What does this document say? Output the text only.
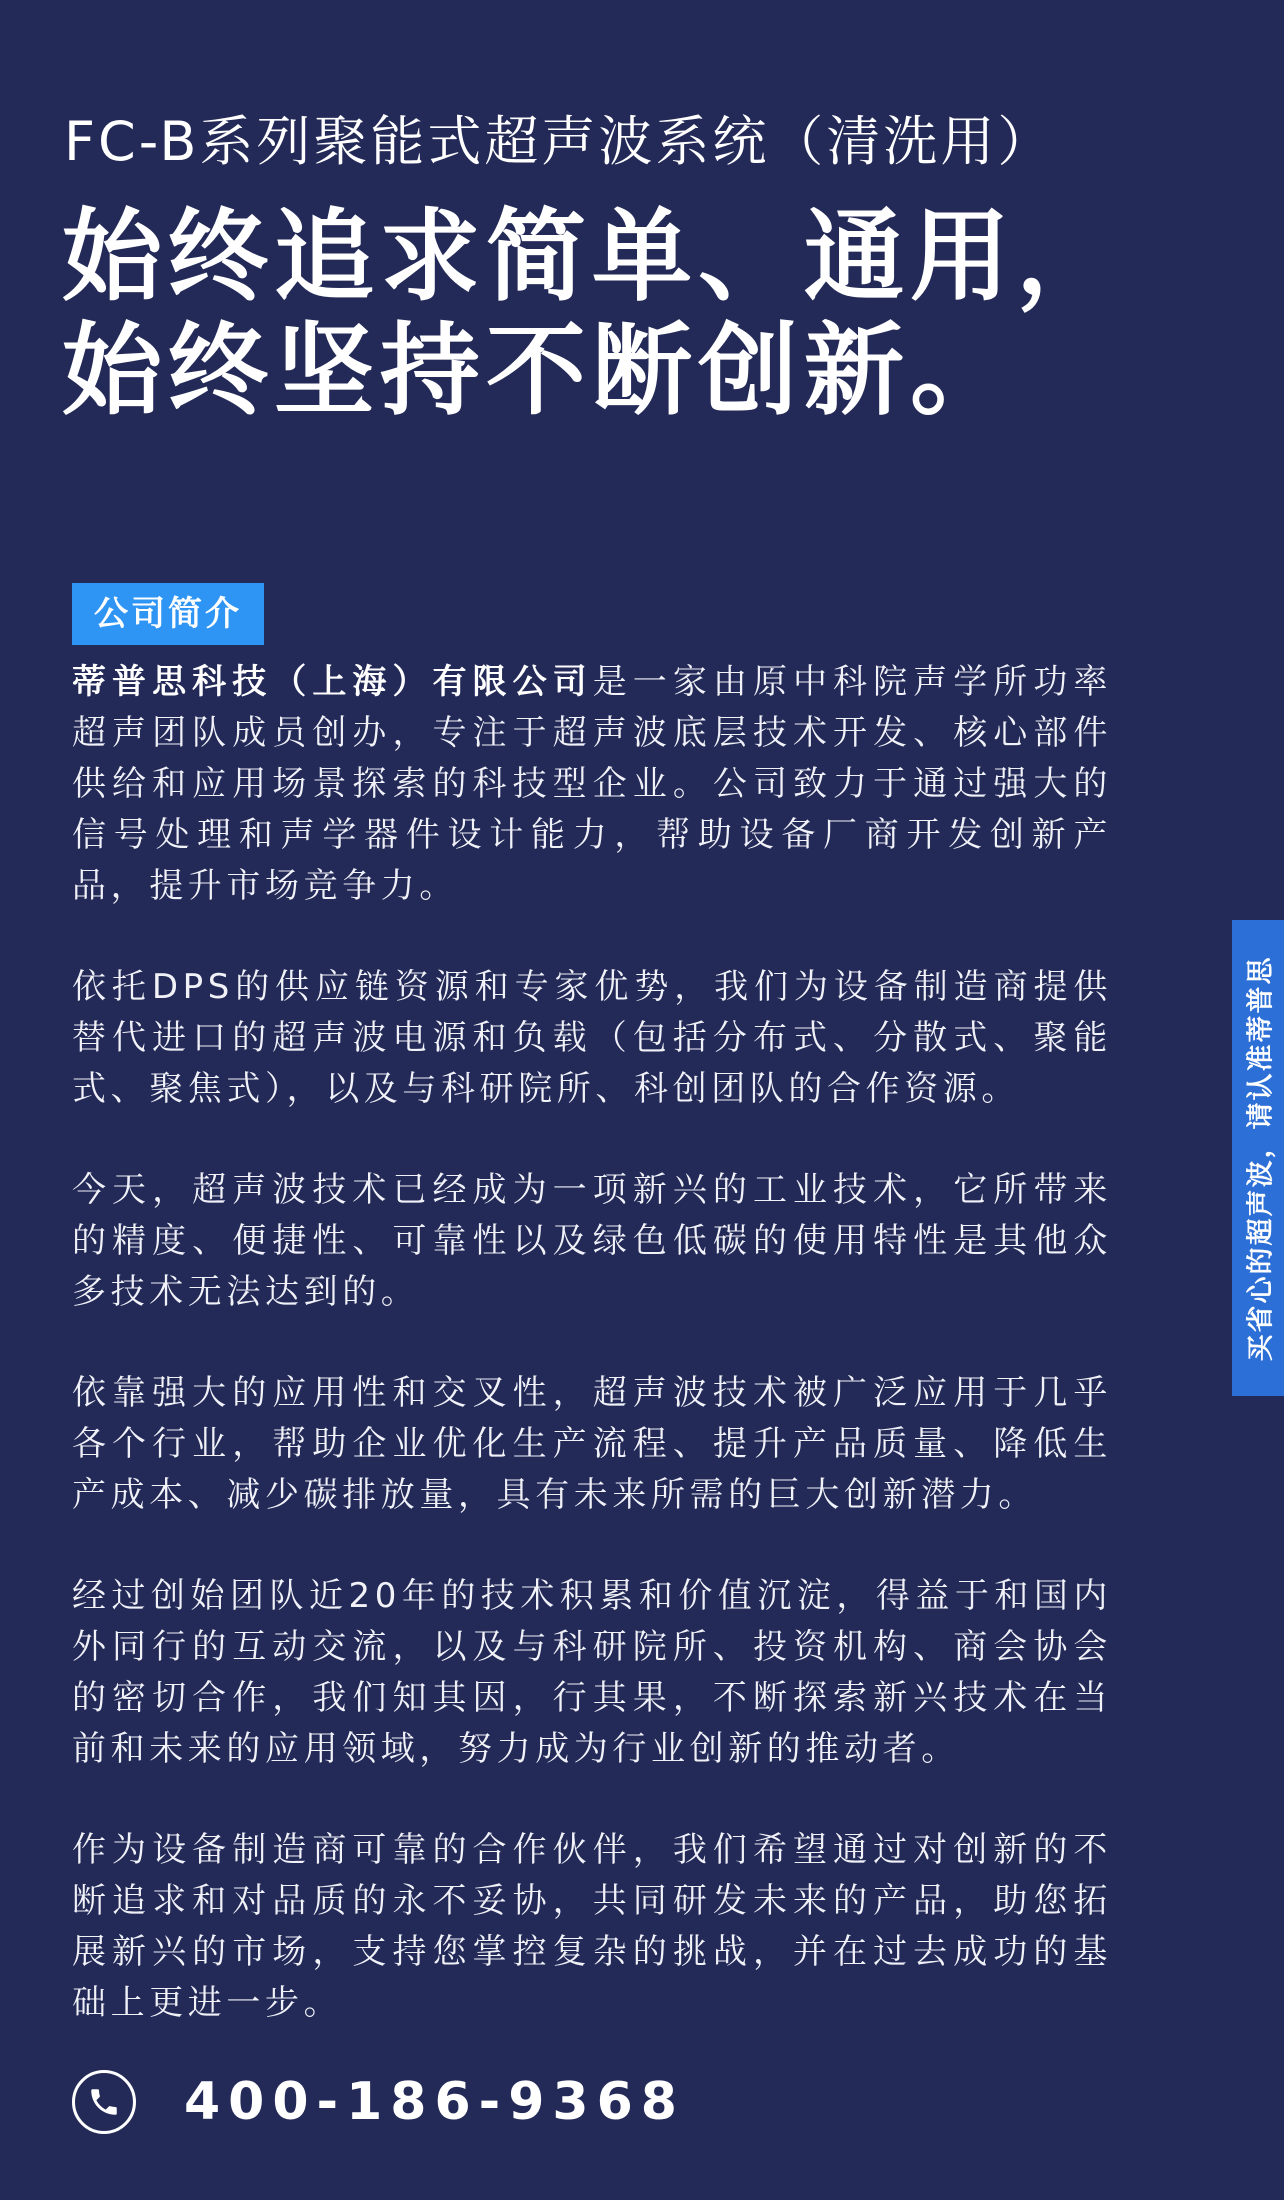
FC-B系列聚能式超声波系统（清洗用）
始终追求简单、通用，
始终坚持不断创新。
公司简介

蒂普思科技（上海）有限公司是一家由原中科院声学所功率超声团队成员创办，专注于超声波底层技术开发、核心部件供给和应用场景探索的科技型企业。公司致力于通过强大的信号处理和声学器件设计能力，帮助设备厂商开发创新产品，提升市场竞争力。

依托DPS的供应链资源和专家优势，我们为设备制造商提供替代进口的超声波电源和负载（包括分布式、分散式、聚能式、聚焦式），以及与科研院所、科创团队的合作资源。

今天，超声波技术已经成为一项新兴的工业技术，它所带来的精度、便捷性、可靠性以及绿色低碳的使用特性是其他众多技术无法达到的。

依靠强大的应用性和交叉性，超声波技术被广泛应用于几乎各个行业，帮助企业优化生产流程、提升产品质量、降低生产成本、减少碳排放量，具有未来所需的巨大创新潜力。

经过创始团队近20年的技术积累和价值沉淀，得益于和国内外同行的互动交流，以及与科研院所、投资机构、商会协会的密切合作，我们知其因，行其果，不断探索新兴技术在当前和未来的应用领域，努力成为行业创新的推动者。

作为设备制造商可靠的合作伙伴，我们希望通过对创新的不断追求和对品质的永不妥协，共同研发未来的产品，助您拓展新兴的市场，支持您掌控复杂的挑战，并在过去成功的基础上更进一步。

买省心的超声波，请认准蒂普思
400-186-9368
